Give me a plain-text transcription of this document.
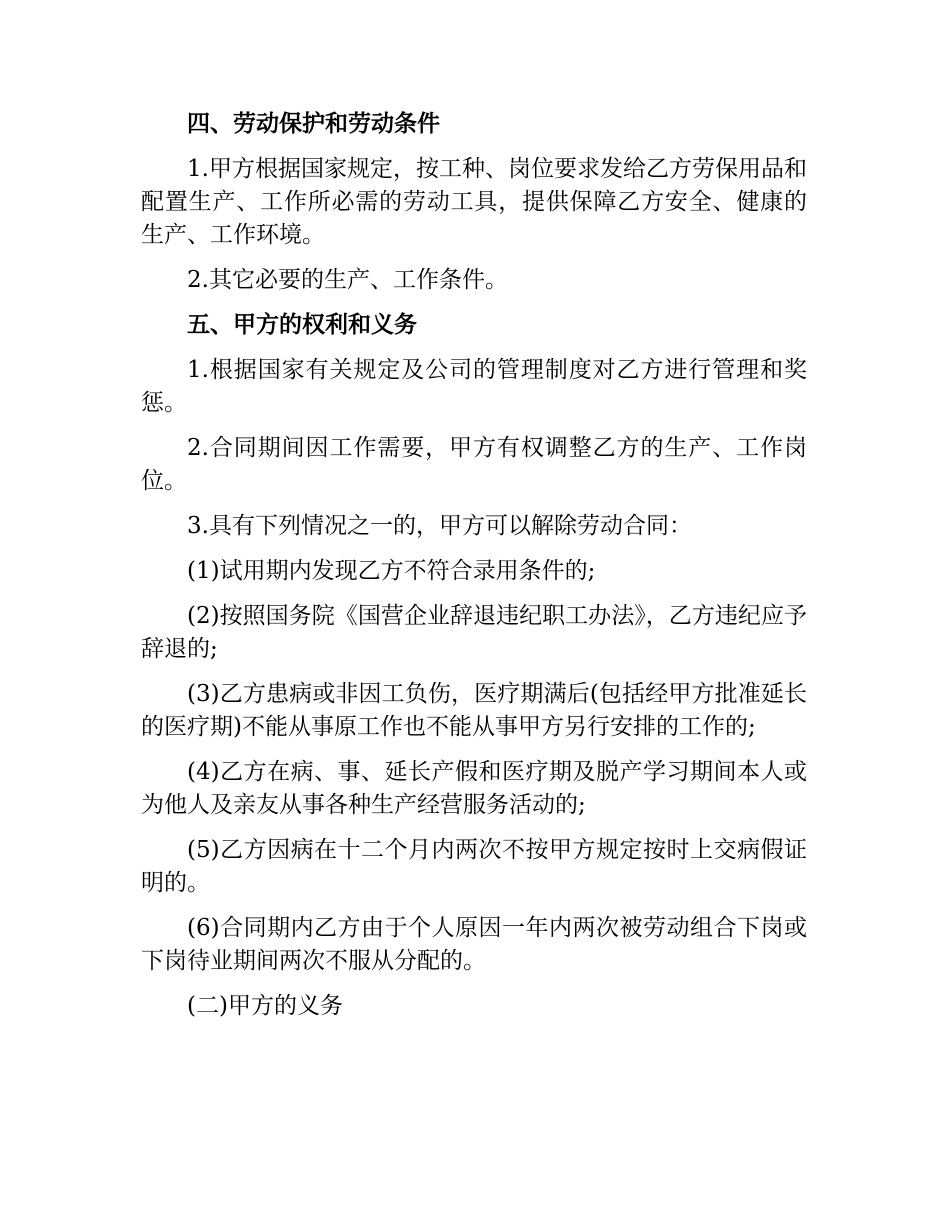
四、劳动保护和劳动条件

1.甲方根据国家规定，按工种、岗位要求发给乙方劳保用品和配置生产、工作所必需的劳动工具，提供保障乙方安全、健康的生产、工作环境。

2.其它必要的生产、工作条件。

五、甲方的权利和义务

1.根据国家有关规定及公司的管理制度对乙方进行管理和奖惩。

2.合同期间因工作需要，甲方有权调整乙方的生产、工作岗位。

3.具有下列情况之一的，甲方可以解除劳动合同：

(1)试用期内发现乙方不符合录用条件的;

(2)按照国务院《国营企业辞退违纪职工办法》，乙方违纪应予辞退的;

(3)乙方患病或非因工负伤，医疗期满后(包括经甲方批准延长的医疗期)不能从事原工作也不能从事甲方另行安排的工作的;

(4)乙方在病、事、延长产假和医疗期及脱产学习期间本人或为他人及亲友从事各种生产经营服务活动的;

(5)乙方因病在十二个月内两次不按甲方规定按时上交病假证明的。

(6)合同期内乙方由于个人原因一年内两次被劳动组合下岗或下岗待业期间两次不服从分配的。

(二)甲方的义务
